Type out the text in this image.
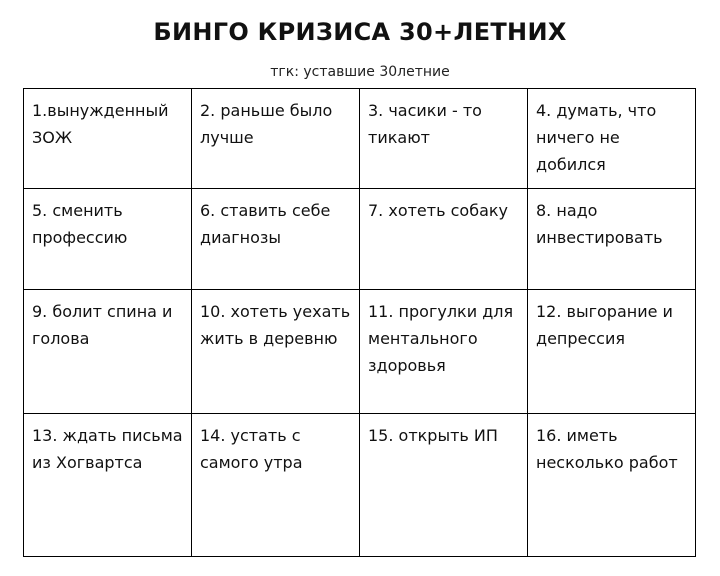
БИНГО КРИЗИСА 30+ЛЕТНИХ
тгк: уставшие 30летние
1.вынужденный ЗОЖ	2. раньше было лучше	3. часики - то тикают	4. думать, что ничего не добился
5. сменить профессию	6. ставить себе диагнозы	7. хотеть собаку	8. надо инвестировать
9. болит спина и голова	10. хотеть уехать жить в деревню	11. прогулки для ментального здоровья	12. выгорание и депрессия
13. ждать письма из Хогвартса	14. устать с самого утра	15. открыть ИП	16. иметь несколько работ
